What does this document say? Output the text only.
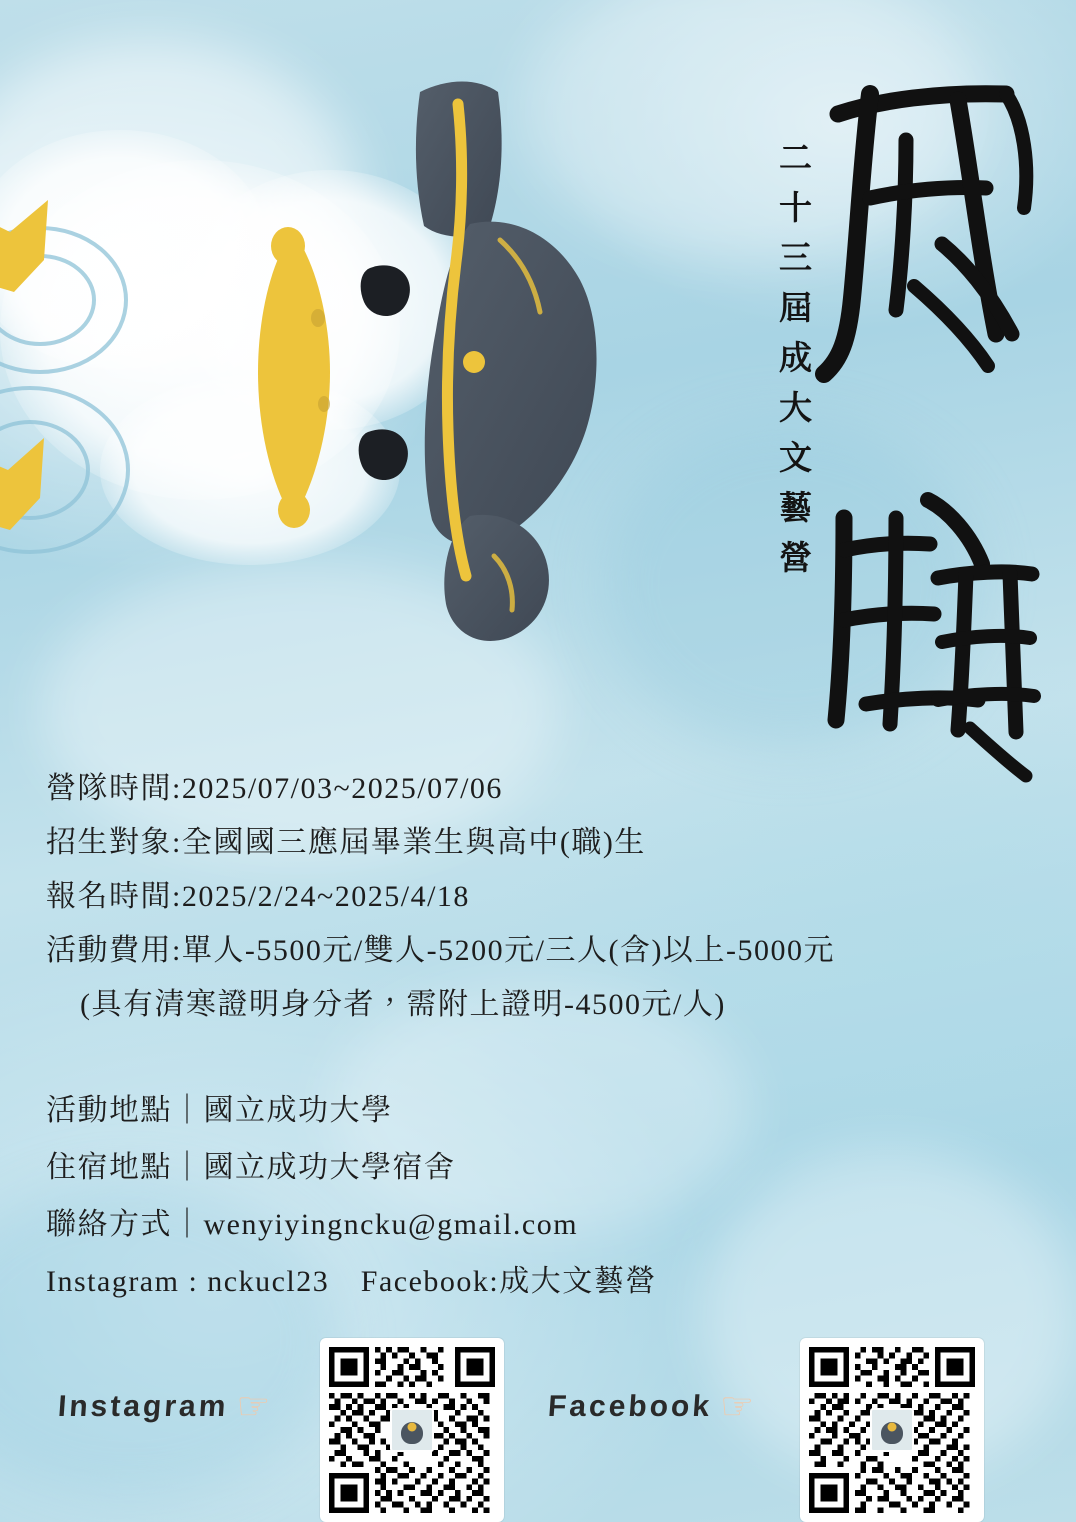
二十三屆成大文藝營
營隊時間:2025/07/03~2025/07/06
招生對象:全國國三應屆畢業生與高中(職)生
報名時間:2025/2/24~2025/4/18
活動費用:單人-5500元/雙人-5200元/三人(含)以上-5000元
(具有清寒證明身分者，需附上證明-4500元/人)
活動地點｜國立成功大學
住宿地點｜國立成功大學宿舍
聯絡方式｜wenyiyingncku@gmail.com
Instagram : nckucl23　Facebook:成大文藝營
Instagram ☞	Facebook ☞
